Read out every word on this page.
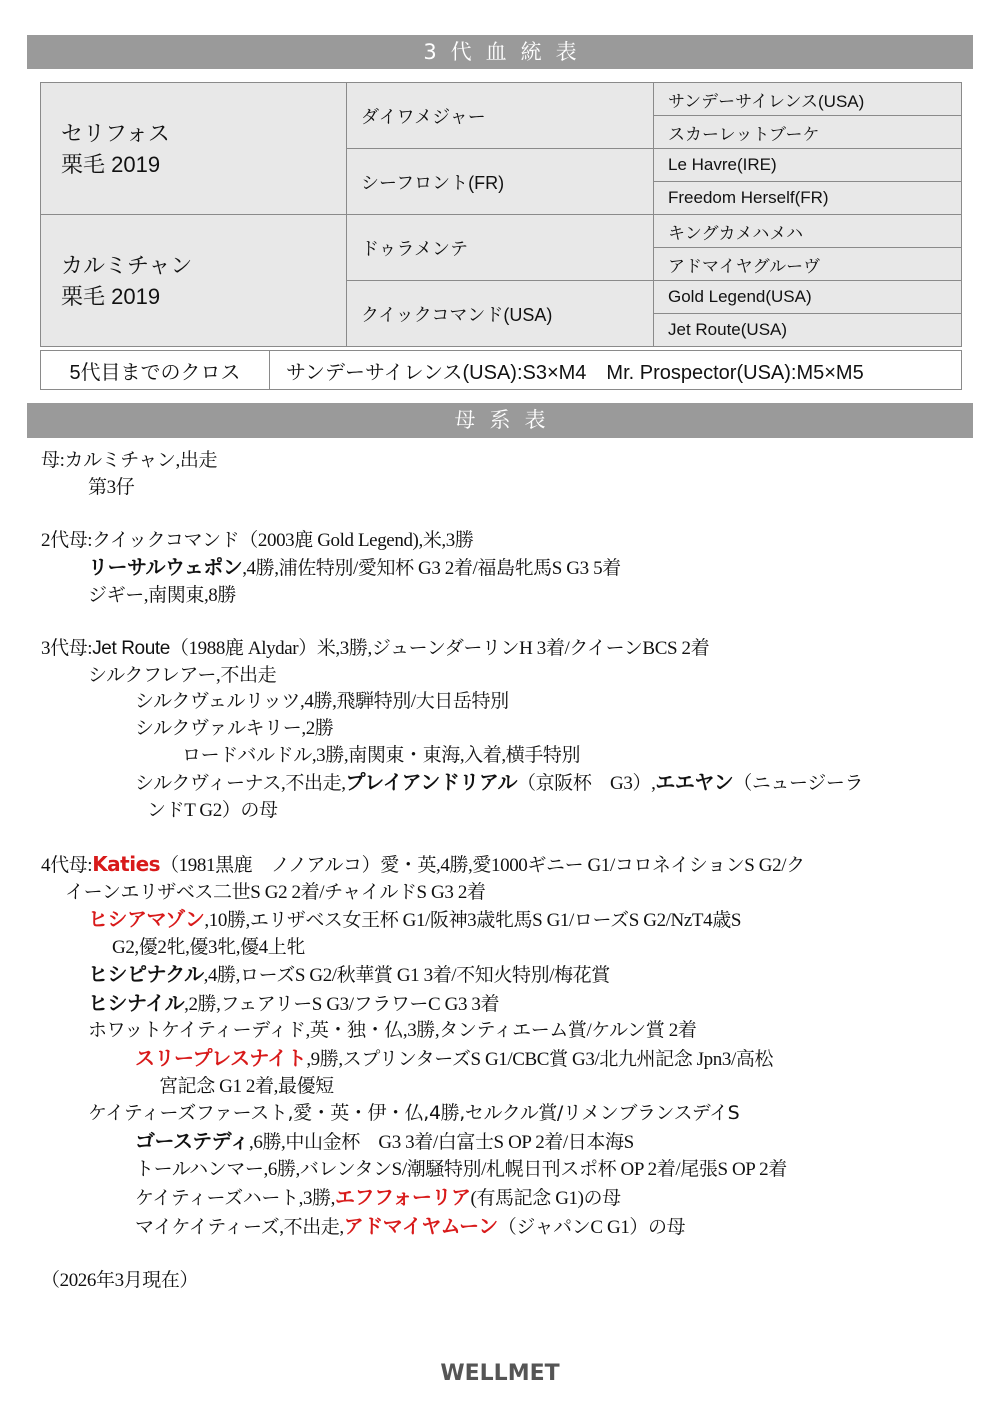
3代血統表
セリフォス
栗毛 2019	ダイワメジャー	サンデーサイレンス(USA)
		スカーレットブーケ
	シーフロント(FR)	Le Havre(IRE)
		Freedom Herself(FR)

カルミチャン
栗毛 2019	ドゥラメンテ	キングカメハメハ
		アドマイヤグルーヴ
	クイックコマンド(USA)	Gold Legend(USA)
		Jet Route(USA)
5代目までのクロス	サンデーサイレンス(USA):S3×M4　Mr. Prospector(USA):M5×M5
母系表
母:カルミチャン,出走
第3仔
2代母:クイックコマンド（2003鹿 Gold Legend),米,3勝
リーサルウェポン,4勝,浦佐特別/愛知杯 G3 2着/福島牝馬S G3 5着
ジギー,南関東,8勝
3代母:Jet Route（1988鹿 Alydar）米,3勝,ジューンダーリンH 3着/クイーンBCS 2着
シルクフレアー,不出走
シルクヴェルリッツ,4勝,飛騨特別/大日岳特別
シルクヴァルキリー,2勝
ロードバルドル,3勝,南関東・東海,入着,横手特別
シルクヴィーナス,不出走,プレイアンドリアル（京阪杯　G3）,エエヤン（ニュージーラ
ンドT G2）の母
4代母:Katies（1981黒鹿　ノノアルコ）愛・英,4勝,愛1000ギニー G1/コロネイションS G2/ク
イーンエリザベス二世S G2 2着/チャイルドS G3 2着
ヒシアマゾン,10勝,エリザベス女王杯 G1/阪神3歳牝馬S G1/ローズS G2/NzT4歳S
G2,優2牝,優3牝,優4上牝
ヒシピナクル,4勝,ローズS G2/秋華賞 G1 3着/不知火特別/梅花賞
ヒシナイル,2勝,フェアリーS G3/フラワーC G3 3着
ホワットケイティーディド,英・独・仏,3勝,タンティエーム賞/ケルン賞 2着
スリープレスナイト,9勝,スプリンターズS G1/CBC賞 G3/北九州記念 Jpn3/高松
宮記念 G1 2着,最優短
ケイティーズファースト,愛・英・伊・仏,4勝,セルクル賞/リメンブランスデイS
ゴーステディ,6勝,中山金杯　G3 3着/白富士S OP 2着/日本海S
トールハンマー,6勝,バレンタンS/潮騒特別/札幌日刊スポ杯 OP 2着/尾張S OP 2着
ケイティーズハート,3勝,エフフォーリア(有馬記念 G1)の母
マイケイティーズ,不出走,アドマイヤムーン（ジャパンC G1）の母
（2026年3月現在）
WELLMET
